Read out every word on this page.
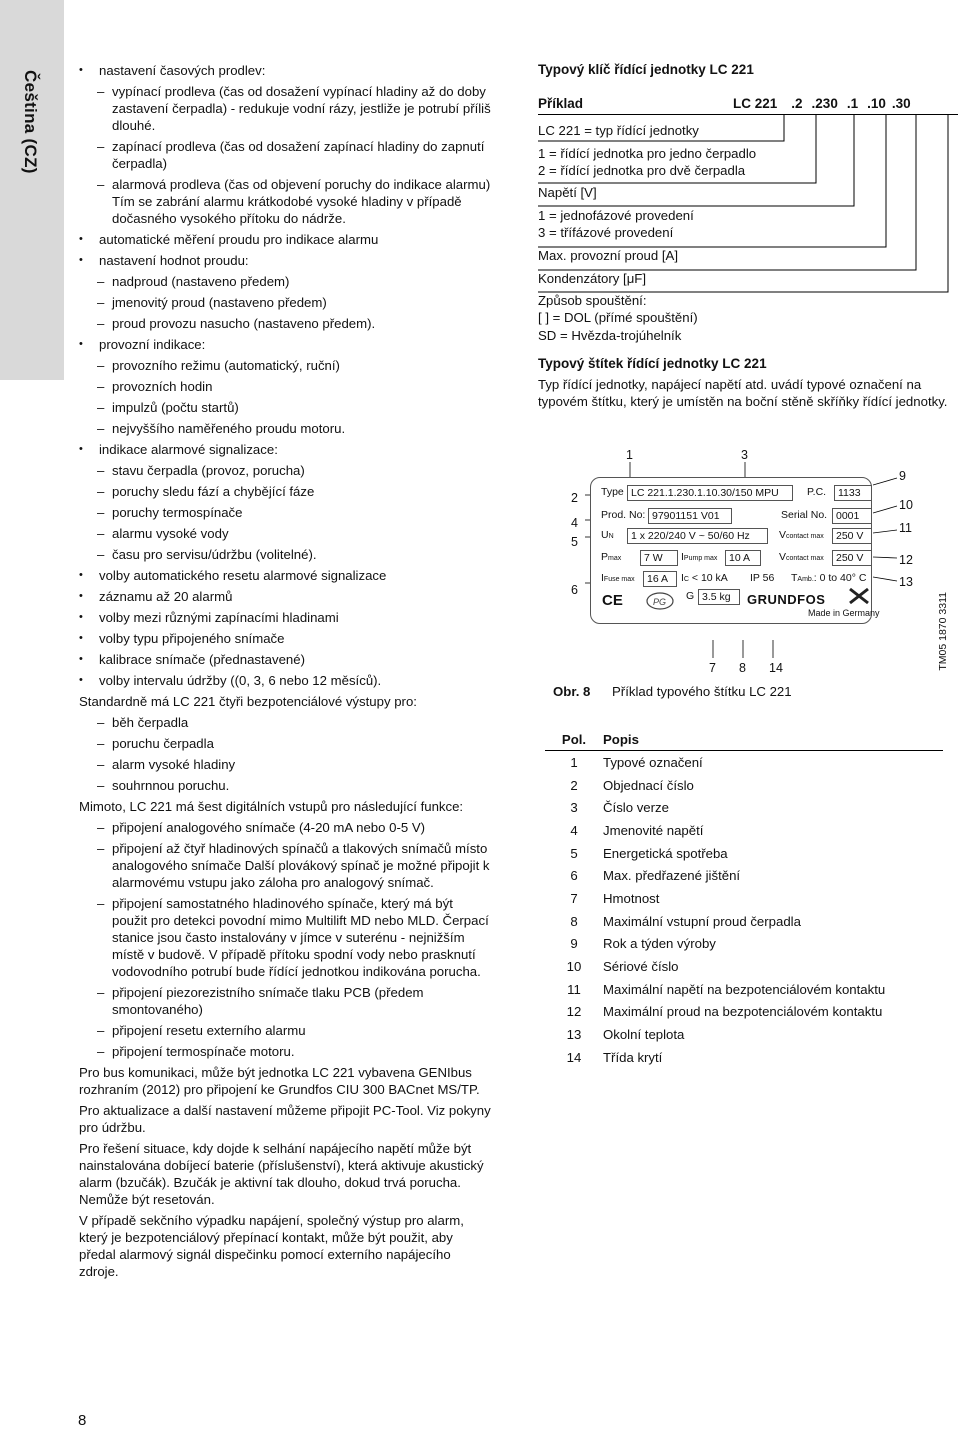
Čeština (CZ)	• nastavení časových prodlev:
– vypínací prodleva (čas od dosažení vypínací hladiny až do doby zastavení čerpadla) - redukuje vodní rázy, jestliže je potrubí příliš dlouhé.
– zapínací prodleva (čas od dosažení zapínací hladiny do zapnutí čerpadla)
– alarmová prodleva (čas od objevení poruchy do indikace alarmu) Tím se zabrání alarmu krátkodobé vysoké hladiny v případě dočasného vysokého přítoku do nádrže.
• automatické měření proudu pro indikace alarmu
• nastavení hodnot proudu:
– nadproud (nastaveno předem)
– jmenovitý proud (nastaveno předem)
– proud provozu nasucho (nastaveno předem).
• provozní indikace:
– provozního režimu (automatický, ruční)
– provozních hodin
– impulzů (počtu startů)
– nejvyššího naměřeného proudu motoru.
• indikace alarmové signalizace:
– stavu čerpadla (provoz, porucha)
– poruchy sledu fází a chybějící fáze
– poruchy termospínače
– alarmu vysoké vody
– času pro servisu/údržbu (volitelné).
• volby automatického resetu alarmové signalizace
• záznamu až 20 alarmů
• volby mezi různými zapínacími hladinami
• volby typu připojeného snímače
• kalibrace snímače (přednastavené)
• volby intervalu údržby ((0, 3, 6 nebo 12 měsíců).
Standardně má LC 221 čtyři bezpotenciálové výstupy pro:
– běh čerpadla
– poruchu čerpadla
– alarm vysoké hladiny
– souhrnnou poruchu.
Mimoto, LC 221 má šest digitálních vstupů pro následující funkce:
– připojení analogového snímače (4-20 mA nebo 0-5 V)
– připojení až čtyř hladinových spínačů a tlakových snímačů místo analogového snímače Další plovákový spínač je možné připojit k alarmovému vstupu jako záloha pro analogový snímač.
– připojení samostatného hladinového spínače, který má být použit pro detekci povodní mimo Multilift MD nebo MLD. Čerpací stanice jsou často instalovány v jímce v suterénu - nejnižším místě v budově. V případě přítoku spodní vody nebo prasknutí vodovodního potrubí bude řídící jednotkou indikována porucha.
– připojení piezorezistního snímače tlaku PCB (předem smontovaného)
– připojení resetu externího alarmu
– připojení termospínače motoru.
Pro bus komunikaci, může být jednotka LC 221 vybavena GENIbus rozhraním (2012) pro připojení ke Grundfos CIU 300 BACnet MS/TP.
Pro aktualizace a další nastavení můžeme připojit PC-Tool. Viz pokyny pro údržbu.
Pro řešení situace, kdy dojde k selhání napájecího napětí může být nainstalována dobíjecí baterie (příslušenství), která aktivuje akustický alarm (bzučák). Bzučák je aktivní tak dlouho, dokud trvá porucha. Nemůže být resetován.
V případě sekčního výpadku napájení, společný výstup pro alarm, který je bezpotenciálový přepínací kontakt, může být použit, aby předal alarmový signál dispečinku pomocí externího napájecího zdroje.
Typový klíč řídící jednotky LC 221
Příklad	LC 221 .2 .230 .1 .10 .30
LC 221 = typ řídící jednotky
1 = řídící jednotka pro jedno čerpadlo
2 = řídící jednotka pro dvě čerpadla
Napětí [V]
1 = jednofázové provedení
3 = třífázové provedení
Max. provozní proud [A]
Kondenzátory [μF]
Způsob spouštění:
[ ] = DOL (přímé spouštění)
SD = Hvězda-trojúhelník
Typový štítek řídící jednotky LC 221
Typ řídící jednotky, napájecí napětí atd. uvádí typové označení na typovém štítku, který je umístěn na boční stěně skříňky řídící jednotky.
1	3
2
4
5
6
9
10
11
12
13
7 8 14
Type LC 221.1.230.1.10.30/150 MPU	P.C.	1133
Prod. No: 97901151 V01	Serial No. 0001
UN	1 x 220/240 V ~ 50/60 Hz	Vcontact max	250 V
Pmax	7 W	IPump max	10 A	Vcontact max	250 V
IFuse max	16 A	IC < 10 kA IP 56 TAmb.: 0 to 40° C
CE	PG G 3.5 kg	GRUNDFOS
Made in Germany	TM05 1870 3311
Obr. 8 Příklad typového štítku LC 221
Pol.	Popis
1	Typové označení
2	Objednací číslo
3	Číslo verze
4	Jmenovité napětí
5	Energetická spotřeba
6	Max. předřazené jištění
7	Hmotnost
8	Maximální vstupní proud čerpadla
9	Rok a týden výroby
10	Sériové číslo
11	Maximální napětí na bezpotenciálovém kontaktu
12	Maximální proud na bezpotenciálovém kontaktu
13	Okolní teplota
14	Třída krytí
8
